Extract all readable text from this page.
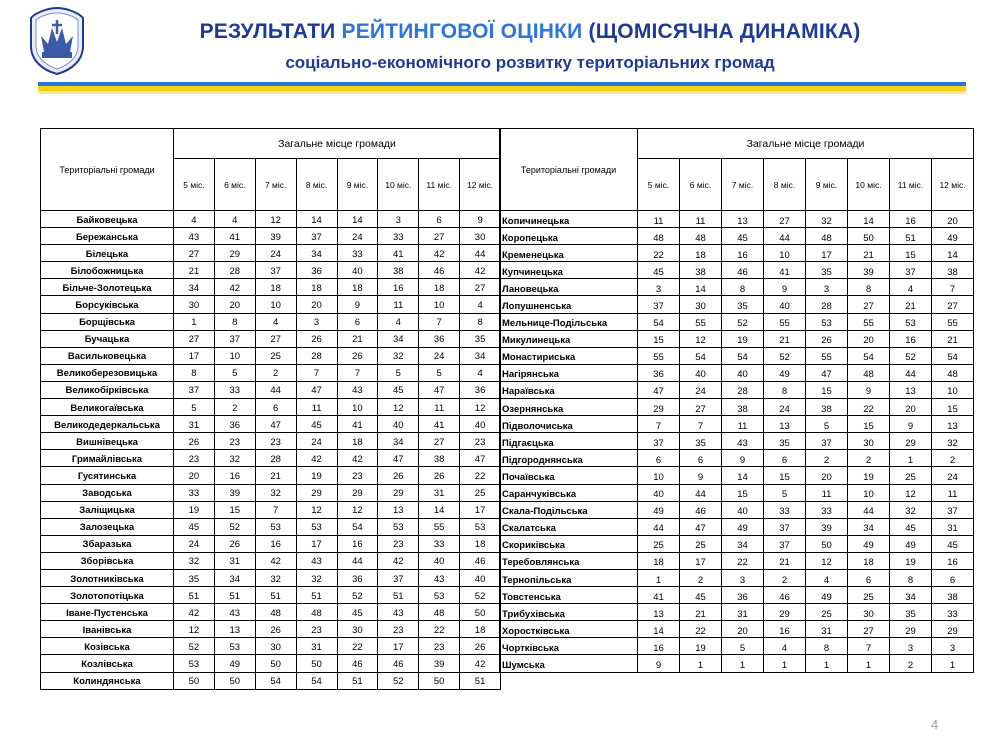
РЕЗУЛЬТАТИ РЕЙТИНГОВОЇ ОЦІНКИ (ЩОМІСЯЧНА ДИНАМІКА)
соціально-економічного розвитку територіальних громад
Територіальні громади	Загальне місце громади							
	5 міс.	6 міс.	7 міс.	8 міс.	9 міс.	10 міс.	11 міс.	12 міс.
Байковецька	4	4	12	14	14	3	6	9
Бережанська	43	41	39	37	24	33	27	30
Білецька	27	29	24	34	33	41	42	44
Білобожницька	21	28	37	36	40	38	46	42
Більче-Золотецька	34	42	18	18	18	16	18	27
Борсуківська	30	20	10	20	9	11	10	4
Борщівська	1	8	4	3	6	4	7	8
Бучацька	27	37	27	26	21	34	36	35
Васильковецька	17	10	25	28	26	32	24	34
Великоберезовицька	8	5	2	7	7	5	5	4
Великобірківська	37	33	44	47	43	45	47	36
Великогаївська	5	2	6	11	10	12	11	12
Великодедеркальська	31	36	47	45	41	40	41	40
Вишнівецька	26	23	23	24	18	34	27	23
Гримайлівська	23	32	28	42	42	47	38	47
Гусятинська	20	16	21	19	23	26	26	22
Заводська	33	39	32	29	29	29	31	25
Заліщицька	19	15	7	12	12	13	14	17
Залозецька	45	52	53	53	54	53	55	53
Збаразька	24	26	16	17	16	23	33	18
Зборівська	32	31	42	43	44	42	40	46
Золотниківська	35	34	32	32	36	37	43	40
Золотопотіцька	51	51	51	51	52	51	53	52
Іване-Пустенська	42	43	48	48	45	43	48	50
Іванівська	12	13	26	23	30	23	22	18
Козівська	52	53	30	31	22	17	23	26
Козлівська	53	49	50	50	46	46	39	42
Колиндянська	50	50	54	54	51	52	50	51
Територіальні громади	Загальне місце громади							
	5 міс.	6 міс.	7 міс.	8 міс.	9 міс.	10 міс.	11 міс.	12 міс.
Копичинецька	11	11	13	27	32	14	16	20
Коропецька	48	48	45	44	48	50	51	49
Кременецька	22	18	16	10	17	21	15	14
Купчинецька	45	38	46	41	35	39	37	38
Лановецька	3	14	8	9	3	8	4	7
Лопушненська	37	30	35	40	28	27	21	27
Мельнице-Подільська	54	55	52	55	53	55	53	55
Микулинецька	15	12	19	21	26	20	16	21
Монастириська	55	54	54	52	55	54	52	54
Нагірянська	36	40	40	49	47	48	44	48
Нараївська	47	24	28	8	15	9	13	10
Озернянська	29	27	38	24	38	22	20	15
Підволочиська	7	7	11	13	5	15	9	13
Підгаєцька	37	35	43	35	37	30	29	32
Підгороднянська	6	6	9	6	2	2	1	2
Почаївська	10	9	14	15	20	19	25	24
Саранчуківська	40	44	15	5	11	10	12	11
Скала-Подільська	49	46	40	33	33	44	32	37
Скалатська	44	47	49	37	39	34	45	31
Скориківська	25	25	34	37	50	49	49	45
Теребовлянська	18	17	22	21	12	18	19	16
Тернопільська	1	2	3	2	4	6	8	6
Товстенська	41	45	36	46	49	25	34	38
Трибухівська	13	21	31	29	25	30	35	33
Хоростківська	14	22	20	16	31	27	29	29
Чортківська	16	19	5	4	8	7	3	3
Шумська	9	1	1	1	1	1	2	1
4
